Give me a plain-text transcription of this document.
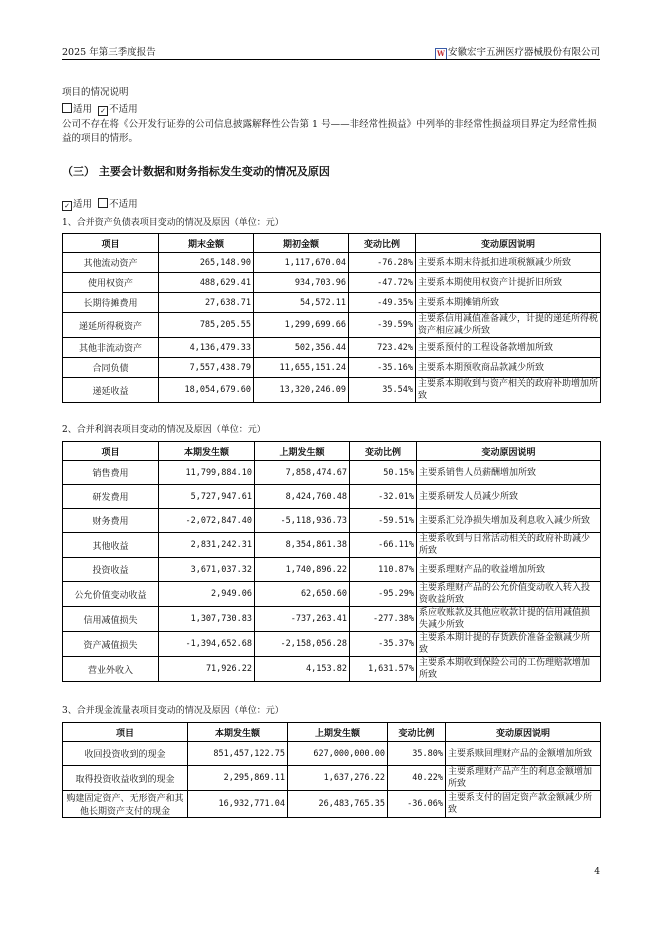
2025 年第三季度报告	W 安徽宏宇五洲医疗器械股份有限公司
项目的情况说明
适用 ✓ 不适用
公司不存在将《公开发行证券的公司信息披露解释性公告第 1 号——非经常性损益》中列举的非经常性损益项目界定为经常性损益的项目的情形。
（三） 主要会计数据和财务指标发生变动的情况及原因
✓ 适用 不适用
1、合并资产负债表项目变动的情况及原因（单位：元）
项目	期末金额	期初金额	变动比例	变动原因说明
其他流动资产	265,148.90	1,117,670.04	-76.28%	主要系本期末待抵扣进项税额减少所致
使用权资产	488,629.41	934,703.96	-47.72%	主要系本期使用权资产计提折旧所致
长期待摊费用	27,638.71	54,572.11	-49.35%	主要系本期摊销所致
递延所得税资产	785,205.55	1,299,699.66	-39.59%	主要系信用减值准备减少，计提的递延所得税资产相应减少所致
其他非流动资产	4,136,479.33	502,356.44	723.42%	主要系预付的工程设备款增加所致
合同负债	7,557,438.79	11,655,151.24	-35.16%	主要系本期预收商品款减少所致
递延收益	18,054,679.60	13,320,246.09	35.54%	主要系本期收到与资产相关的政府补助增加所致
2、合并利润表项目变动的情况及原因（单位：元）
项目	本期发生额	上期发生额	变动比例	变动原因说明
销售费用	11,799,884.10	7,858,474.67	50.15%	主要系销售人员薪酬增加所致
研发费用	5,727,947.61	8,424,760.48	-32.01%	主要系研发人员减少所致
财务费用	-2,072,847.40	-5,118,936.73	-59.51%	主要系汇兑净损失增加及利息收入减少所致
其他收益	2,831,242.31	8,354,861.38	-66.11%	主要系收到与日常活动相关的政府补助减少所致
投资收益	3,671,037.32	1,740,896.22	110.87%	主要系理财产品的收益增加所致
公允价值变动收益	2,949.06	62,650.60	-95.29%	主要系理财产品的公允价值变动收入转入投资收益所致
信用减值损失	1,307,730.83	-737,263.41	-277.38%	系应收账款及其他应收款计提的信用减值损失减少所致
资产减值损失	-1,394,652.68	-2,158,056.28	-35.37%	主要系本期计提的存货跌价准备金额减少所致
营业外收入	71,926.22	4,153.82	1,631.57%	主要系本期收到保险公司的工伤理赔款增加所致
3、合并现金流量表项目变动的情况及原因（单位：元）
项目	本期发生额	上期发生额	变动比例	变动原因说明
收回投资收到的现金	851,457,122.75	627,000,000.00	35.80%	主要系赎回理财产品的金额增加所致
取得投资收益收到的现金	2,295,869.11	1,637,276.22	40.22%	主要系理财产品产生的利息金额增加所致
购建固定资产、无形资产和其他长期资产支付的现金	16,932,771.04	26,483,765.35	-36.06%	主要系支付的固定资产款金额减少所致
4
